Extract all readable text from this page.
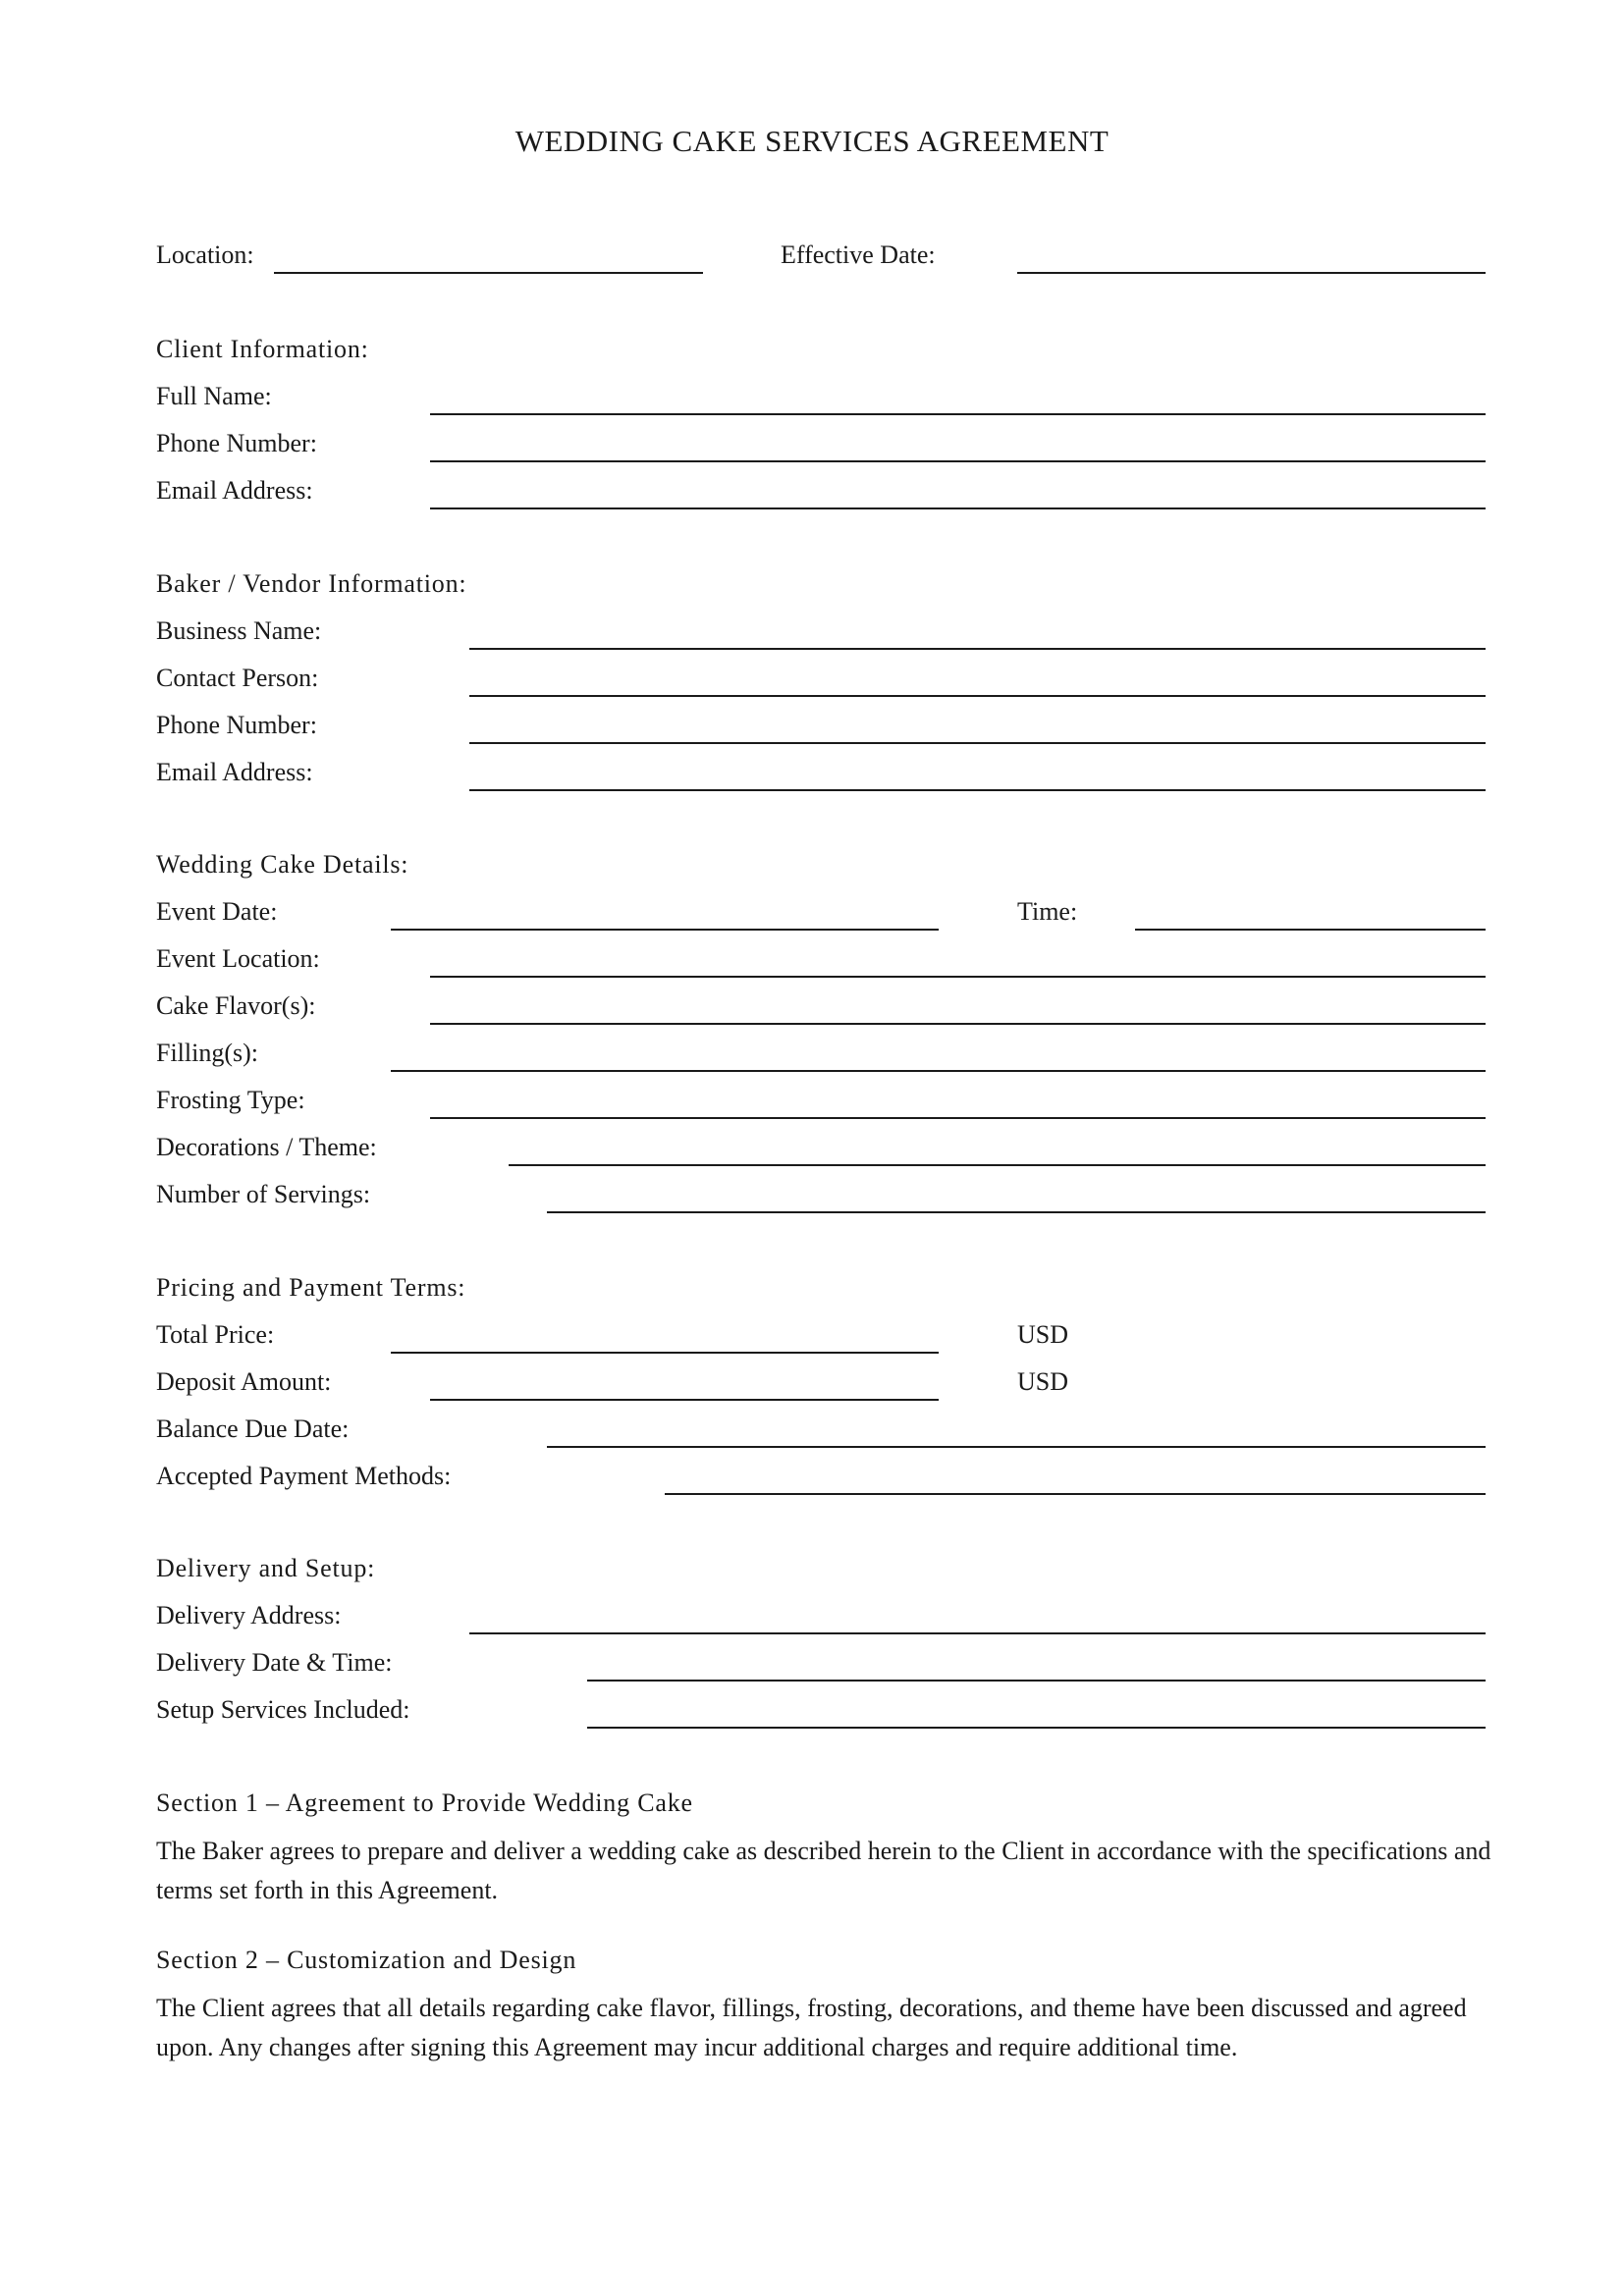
WEDDING CAKE SERVICES AGREEMENT
Location:	Effective Date:
Client Information:
Full Name:
Phone Number:
Email Address:
Baker / Vendor Information:
Business Name:
Contact Person:
Phone Number:
Email Address:
Wedding Cake Details:
Event Date:	Time:
Event Location:
Cake Flavor(s):
Filling(s):
Frosting Type:
Decorations / Theme:
Number of Servings:
Pricing and Payment Terms:
Total Price:	USD
Deposit Amount:	USD
Balance Due Date:
Accepted Payment Methods:
Delivery and Setup:
Delivery Address:
Delivery Date & Time:
Setup Services Included:
Section 1 – Agreement to Provide Wedding Cake
The Baker agrees to prepare and deliver a wedding cake as described herein to the Client in accordance with the specifications and terms set forth in this Agreement.
Section 2 – Customization and Design
The Client agrees that all details regarding cake flavor, fillings, frosting, decorations, and theme have been discussed and agreed upon. Any changes after signing this Agreement may incur additional charges and require additional time.
